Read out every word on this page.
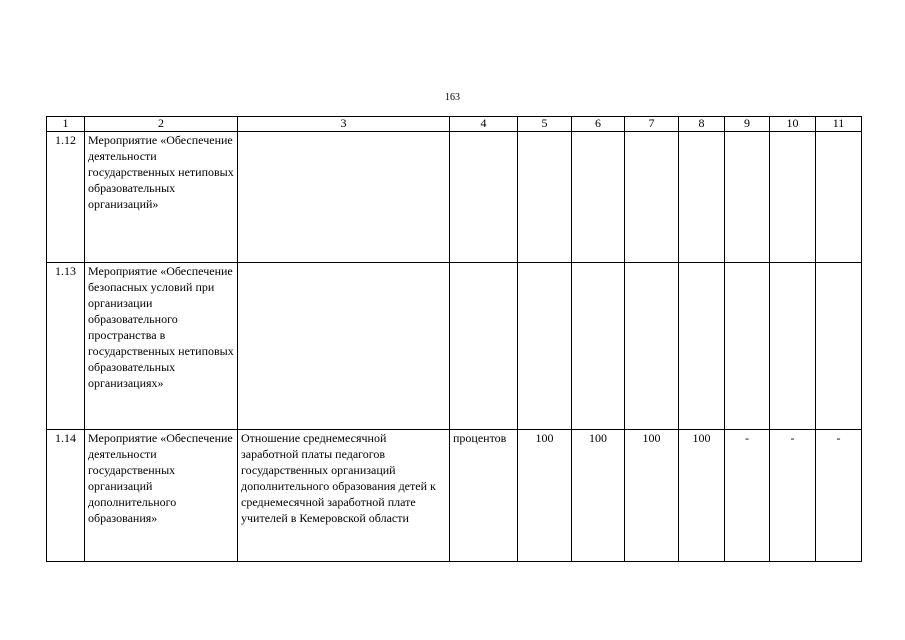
163
1	2	3	4	5	6	7	8	9	10	11
1.12	Мероприятие «Обеспечение деятельности государственных нетиповых образовательных организаций»									
1.13	Мероприятие «Обеспечение безопасных условий при организации образовательного пространства в государственных нетиповых образовательных организациях»									
1.14	Мероприятие «Обеспечение деятельности государственных организаций дополнительного образования»	Отношение среднемесячной заработной платы педагогов государственных организаций дополнительного образования детей к среднемесячной заработной плате учителей в Кемеровской области	процентов	100	100	100	100	-	-	-
